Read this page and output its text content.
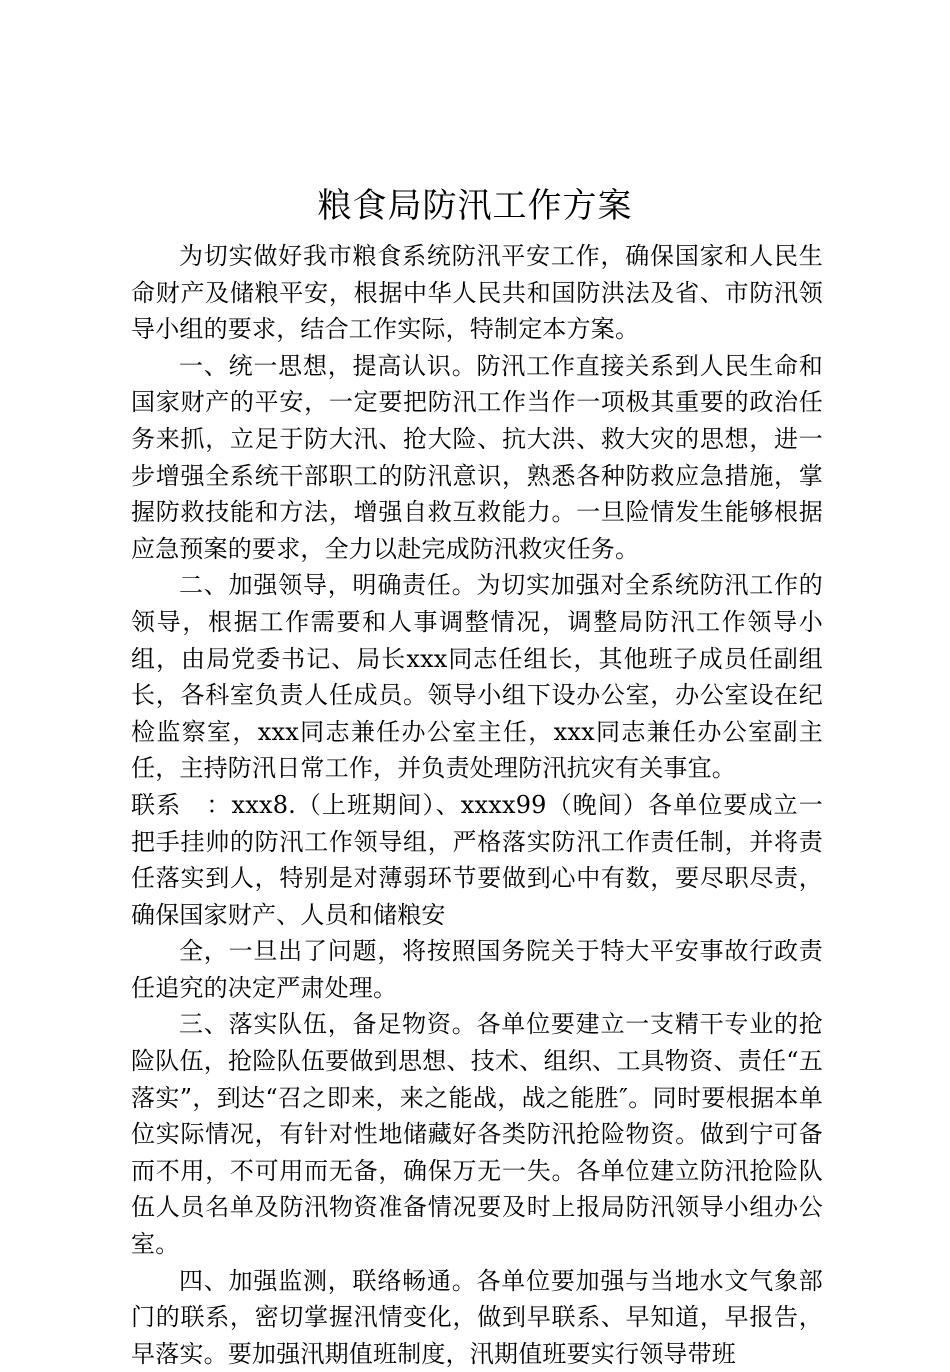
粮食局防汛工作方案

为切实做好我市粮食系统防汛平安工作，确保国家和人民生命财产及储粮平安，根据中华人民共和国防洪法及省、市防汛领导小组的要求，结合工作实际，特制定本方案。

一、统一思想，提高认识。防汛工作直接关系到人民生命和国家财产的平安，一定要把防汛工作当作一项极其重要的政治任务来抓，立足于防大汛、抢大险、抗大洪、救大灾的思想，进一步增强全系统干部职工的防汛意识，熟悉各种防救应急措施，掌握防救技能和方法，增强自救互救能力。一旦险情发生能够根据应急预案的要求，全力以赴完成防汛救灾任务。

二、加强领导，明确责任。为切实加强对全系统防汛工作的领导，根据工作需要和人事调整情况，调整局防汛工作领导小组，由局党委书记、局长xxx同志任组长，其他班子成员任副组长，各科室负责人任成员。领导小组下设办公室，办公室设在纪检监察室，xxx同志兼任办公室主任，xxx同志兼任办公室副主任，主持防汛日常工作，并负责处理防汛抗灾有关事宜。

联系　：xxx8.（上班期间）、xxxx99（晚间）各单位要成立一把手挂帅的防汛工作领导组，严格落实防汛工作责任制，并将责任落实到人，特别是对薄弱环节要做到心中有数，要尽职尽责，确保国家财产、人员和储粮安

全，一旦出了问题，将按照国务院关于特大平安事故行政责任追究的决定严肃处理。

三、落实队伍，备足物资。各单位要建立一支精干专业的抢险队伍，抢险队伍要做到思想、技术、组织、工具物资、责任“五落实”，到达“召之即来，来之能战，战之能胜″。同时要根据本单位实际情况，有针对性地储藏好各类防汛抢险物资。做到宁可备而不用，不可用而无备，确保万无一失。各单位建立防汛抢险队伍人员名单及防汛物资准备情况要及时上报局防汛领导小组办公室。

四、加强监测，联络畅通。各单位要加强与当地水文气象部门的联系，密切掌握汛情变化，做到早联系、早知道，早报告，早落实。要加强汛期值班制度，汛期值班要实行领导带班
